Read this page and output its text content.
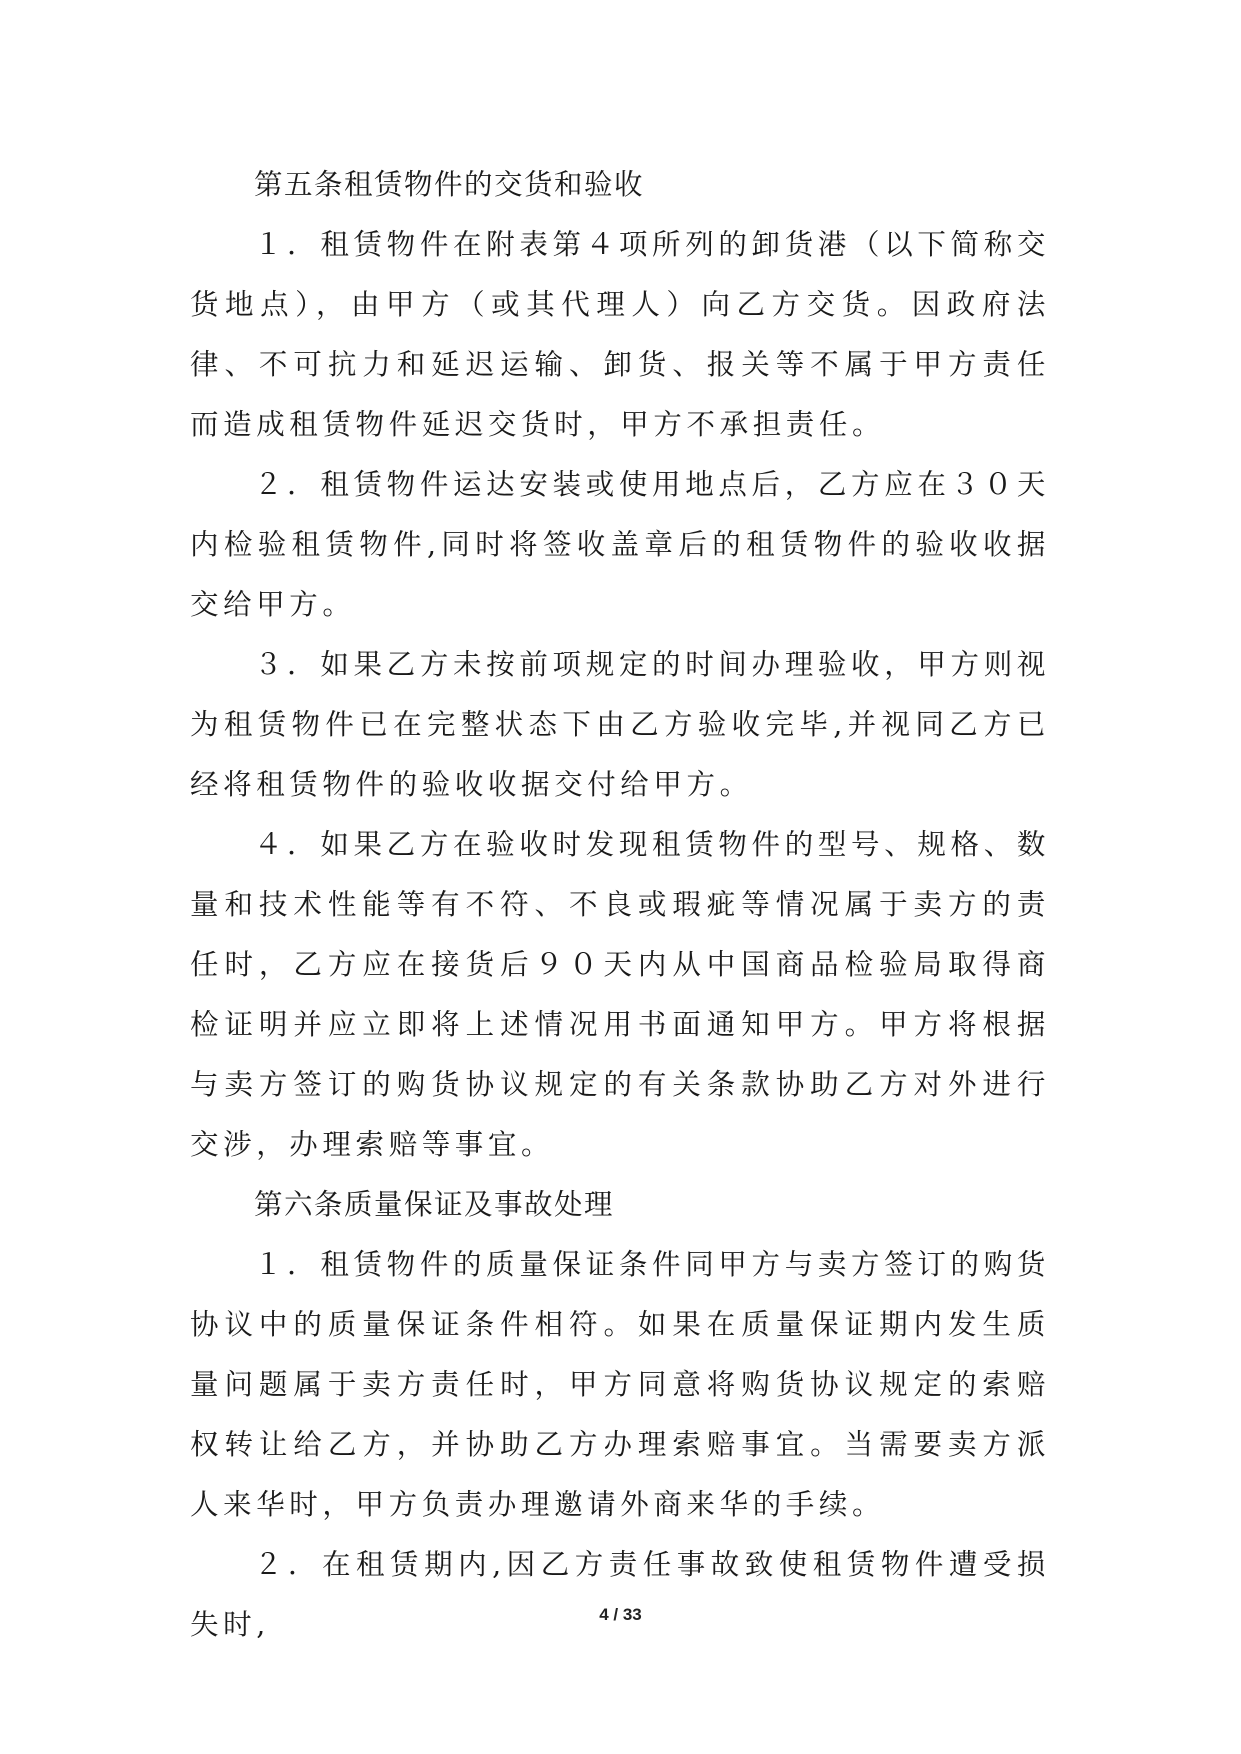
第五条租赁物件的交货和验收

１．租赁物件在附表第４项所列的卸货港（以下简称交货地点），由甲方（或其代理人）向乙方交货。因政府法律、不可抗力和延迟运输、卸货、报关等不属于甲方责任而造成租赁物件延迟交货时，甲方不承担责任。

２．租赁物件运达安装或使用地点后，乙方应在３０天内检验租赁物件,同时将签收盖章后的租赁物件的验收收据交给甲方。

３．如果乙方未按前项规定的时间办理验收，甲方则视为租赁物件已在完整状态下由乙方验收完毕,并视同乙方已经将租赁物件的验收收据交付给甲方。

４．如果乙方在验收时发现租赁物件的型号、规格、数量和技术性能等有不符、不良或瑕疵等情况属于卖方的责任时，乙方应在接货后９０天内从中国商品检验局取得商检证明并应立即将上述情况用书面通知甲方。甲方将根据与卖方签订的购货协议规定的有关条款协助乙方对外进行交涉，办理索赔等事宜。

第六条质量保证及事故处理

１．租赁物件的质量保证条件同甲方与卖方签订的购货协议中的质量保证条件相符。如果在质量保证期内发生质量问题属于卖方责任时，甲方同意将购货协议规定的索赔权转让给乙方，并协助乙方办理索赔事宜。当需要卖方派人来华时，甲方负责办理邀请外商来华的手续。

２．在租赁期内,因乙方责任事故致使租赁物件遭受损失时,	4 / 33
